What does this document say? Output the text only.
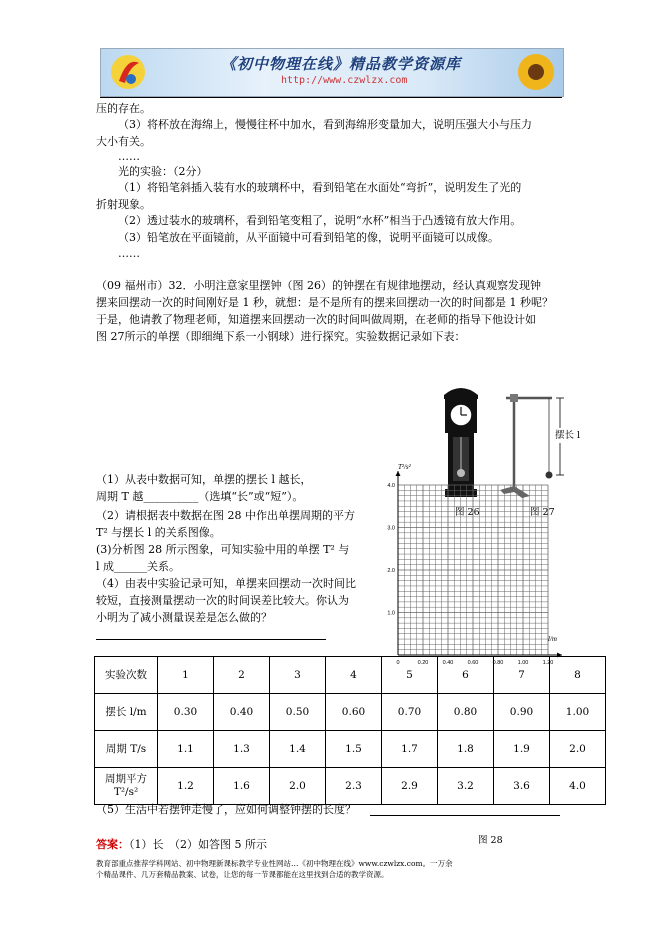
《初中物理在线》精品教学资源库
http://www.czwlzx.com
压的存在。
（3）将杯放在海绵上，慢慢往杯中加水，看到海绵形变量加大，说明压强大小与压力
大小有关。
……
光的实验：（2分）
（1）将铅笔斜插入装有水的玻璃杯中，看到铅笔在水面处“弯折”，说明发生了光的
折射现象。
（2）透过装水的玻璃杯，看到铅笔变粗了，说明“水杯”相当于凸透镜有放大作用。
（3）铅笔放在平面镜前，从平面镜中可看到铅笔的像，说明平面镜可以成像。
……
（09 福州市）32．小明注意家里摆钟（图 26）的钟摆在有规律地摆动，经认真观察发现钟
摆来回摆动一次的时间刚好是 1 秒，就想：是不是所有的摆来回摆动一次的时间都是 1 秒呢？
于是，他请教了物理老师，知道摆来回摆动一次的时间叫做周期，在老师的指导下他设计如
图 27所示的单摆（即细绳下系一小钢球）进行探究。实验数据记录如下表：
图 26
摆长 l
图 27
0	0.20	0.40	0.60	0.80	1.00	1.20
1.0
2.0
3.0
4.0
T²/s²
l/m
图 28
（1）从表中数据可知，单摆的摆长 l 越长，
周期 T 越__________（选填“长”或“短”）。
（2）请根据表中数据在图 28 中作出单摆周期的平方
T² 与摆长 l 的关系图像。
(3)分析图 28 所示图象，可知实验中用的单摆 T² 与
l 成______关系。
（4）由表中实验记录可知，单摆来回摆动一次时间比
较短，直接测量摆动一次的时间误差比较大。你认为
小明为了减小测量误差是怎么做的？
实验次数	1	2	3	4	5	6	7	8
摆长 l/m	0.30	0.40	0.50	0.60	0.70	0.80	0.90	1.00
周期 T/s	1.1	1.3	1.4	1.5	1.7	1.8	1.9	2.0
周期平方 T²/s²	1.2	1.6	2.0	2.3	2.9	3.2	3.6	4.0
（5）生活中若摆钟走慢了，应如何调整钟摆的长度？
答案：（1）长　（2）如答图 5 所示
教育部重点推荐学科网站、初中物理新课标教学专业性网站…《初中物理在线》www.czwlzx.com。一万余
个精品课件、几万套精品教案、试卷，让您的每一节课都能在这里找到合适的教学资源。
